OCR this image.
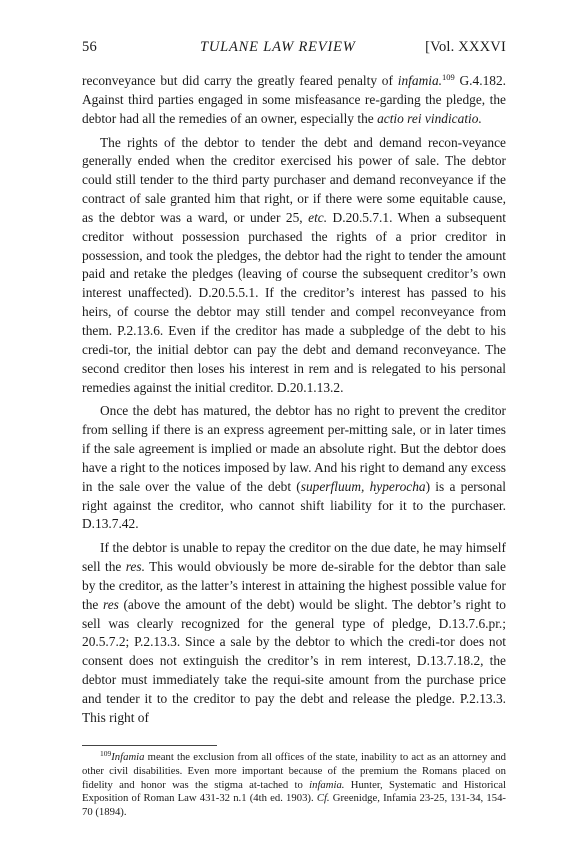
56	TULANE LAW REVIEW	[Vol. XXXVI

reconveyance but did carry the greatly feared penalty of infamia.$^{109}$ G.4.182. Against third parties engaged in some misfeasance re-garding the pledge, the debtor had all the remedies of an owner, especially the actio rei vindicatio.

The rights of the debtor to tender the debt and demand recon-veyance generally ended when the creditor exercised his power of sale. The debtor could still tender to the third party purchaser and demand reconveyance if the contract of sale granted him that right, or if there were some equitable cause, as the debtor was a ward, or under 25, etc. D.20.5.7.1. When a subsequent creditor without possession purchased the rights of a prior creditor in possession, and took the pledges, the debtor had the right to tender the amount paid and retake the pledges (leaving of course the subsequent creditor’s own interest unaffected). D.20.5.5.1. If the creditor’s interest has passed to his heirs, of course the debtor may still tender and compel reconveyance from them. P.2.13.6. Even if the creditor has made a subpledge of the debt to his credi-tor, the initial debtor can pay the debt and demand reconveyance. The second creditor then loses his interest in rem and is relegated to his personal remedies against the initial creditor. D.20.1.13.2.

Once the debt has matured, the debtor has no right to prevent the creditor from selling if there is an express agreement per-mitting sale, or in later times if the sale agreement is implied or made an absolute right. But the debtor does have a right to the notices imposed by law. And his right to demand any excess in the sale over the value of the debt (superfluum, hyperocha) is a personal right against the creditor, who cannot shift liability for it to the purchaser. D.13.7.42.

If the debtor is unable to repay the creditor on the due date, he may himself sell the res. This would obviously be more de-sirable for the debtor than sale by the creditor, as the latter’s interest in attaining the highest possible value for the res (above the amount of the debt) would be slight. The debtor’s right to sell was clearly recognized for the general type of pledge, D.13.7.6.pr.; 20.5.7.2; P.2.13.3. Since a sale by the debtor to which the credi-tor does not consent does not extinguish the creditor’s in rem interest, D.13.7.18.2, the debtor must immediately take the requi-site amount from the purchase price and tender it to the creditor to pay the debt and release the pledge. P.2.13.3. This right of

$^{109}$Infamia meant the exclusion from all offices of the state, inability to act as an attorney and other civil disabilities. Even more important because of the premium the Romans placed on fidelity and honor was the stigma at-tached to infamia. Hunter, Systematic and Historical Exposition of Roman Law 431-32 n.1 (4th ed. 1903). Cf. Greenidge, Infamia 23-25, 131-34, 154-70 (1894).
